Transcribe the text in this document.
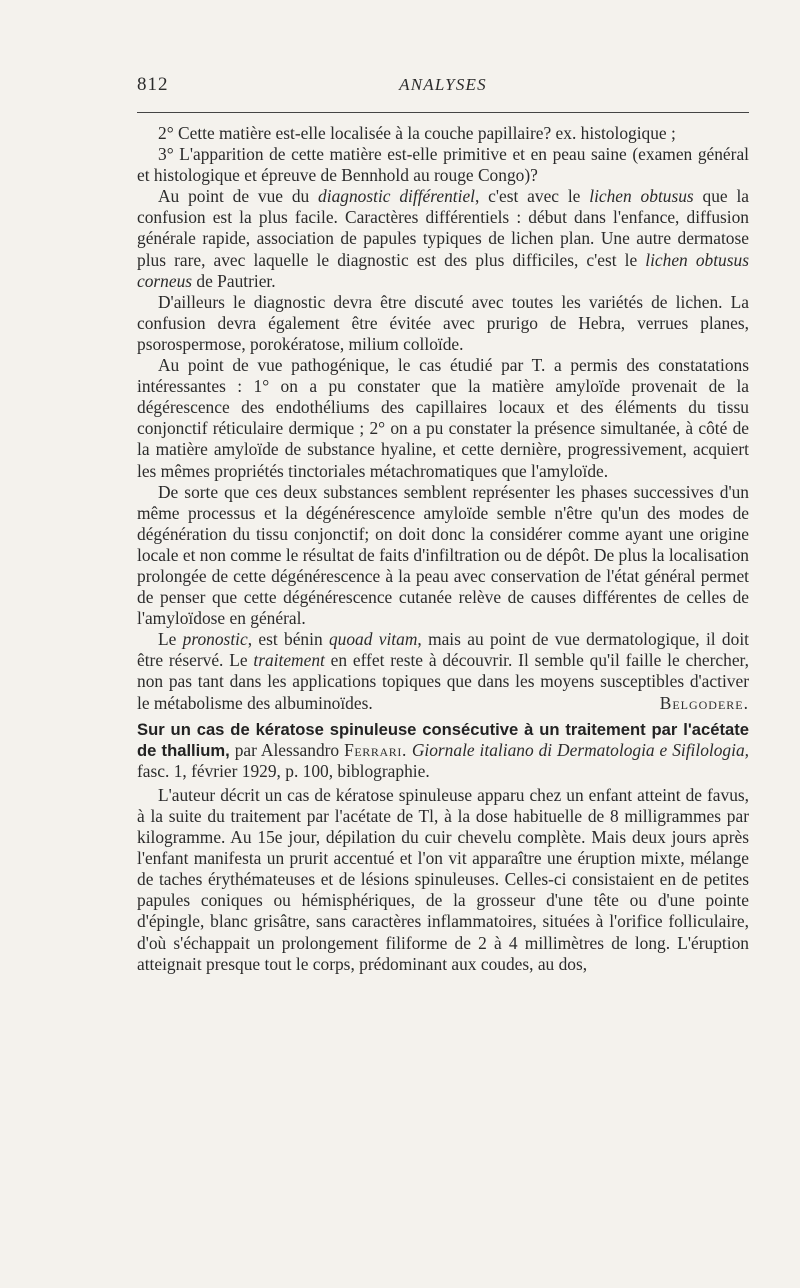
812	ANALYSES

2° Cette matière est-elle localisée à la couche papillaire? ex. histologique ;

3° L'apparition de cette matière est-elle primitive et en peau saine (examen général et histologique et épreuve de Bennhold au rouge Congo)?

Au point de vue du diagnostic différentiel, c'est avec le lichen obtusus que la confusion est la plus facile. Caractères différentiels : début dans l'enfance, diffusion générale rapide, association de papules typiques de lichen plan. Une autre dermatose plus rare, avec laquelle le diagnostic est des plus difficiles, c'est le lichen obtusus corneus de Pautrier.

D'ailleurs le diagnostic devra être discuté avec toutes les variétés de lichen. La confusion devra également être évitée avec prurigo de Hebra, verrues planes, psorospermose, porokératose, milium colloïde.

Au point de vue pathogénique, le cas étudié par T. a permis des constatations intéressantes : 1° on a pu constater que la matière amyloïde provenait de la dégérescence des endothéliums des capillaires locaux et des éléments du tissu conjonctif réticulaire dermique ; 2° on a pu constater la présence simultanée, à côté de la matière amyloïde de substance hyaline, et cette dernière, progressivement, acquiert les mêmes propriétés tinctoriales métachromatiques que l'amyloïde.

De sorte que ces deux substances semblent représenter les phases successives d'un même processus et la dégénérescence amyloïde semble n'être qu'un des modes de dégénération du tissu conjonctif; on doit donc la considérer comme ayant une origine locale et non comme le résultat de faits d'infiltration ou de dépôt. De plus la localisation prolongée de cette dégénérescence à la peau avec conservation de l'état général permet de penser que cette dégénérescence cutanée relève de causes différentes de celles de l'amyloïdose en général.

Le pronostic, est bénin quoad vitam, mais au point de vue dermatologique, il doit être réservé. Le traitement en effet reste à découvrir. Il semble qu'il faille le chercher, non pas tant dans les applications topiques que dans les moyens susceptibles d'activer le métabolisme des albuminoïdes.	Belgodere.

Sur un cas de kératose spinuleuse consécutive à un traitement par l'acétate de thallium, par Alessandro Ferrari. Giornale italiano di Dermatologia e Sifilologia, fasc. 1, février 1929, p. 100, biblographie.

L'auteur décrit un cas de kératose spinuleuse apparu chez un enfant atteint de favus, à la suite du traitement par l'acétate de Tl, à la dose habituelle de 8 milligrammes par kilogramme. Au 15e jour, dépilation du cuir chevelu complète. Mais deux jours après l'enfant manifesta un prurit accentué et l'on vit apparaître une éruption mixte, mélange de taches érythémateuses et de lésions spinuleuses. Celles-ci consistaient en de petites papules coniques ou hémisphériques, de la grosseur d'une tête ou d'une pointe d'épingle, blanc grisâtre, sans caractères inflammatoires, situées à l'orifice folliculaire, d'où s'échappait un prolongement filiforme de 2 à 4 millimètres de long. L'éruption atteignait presque tout le corps, prédominant aux coudes, au dos,
